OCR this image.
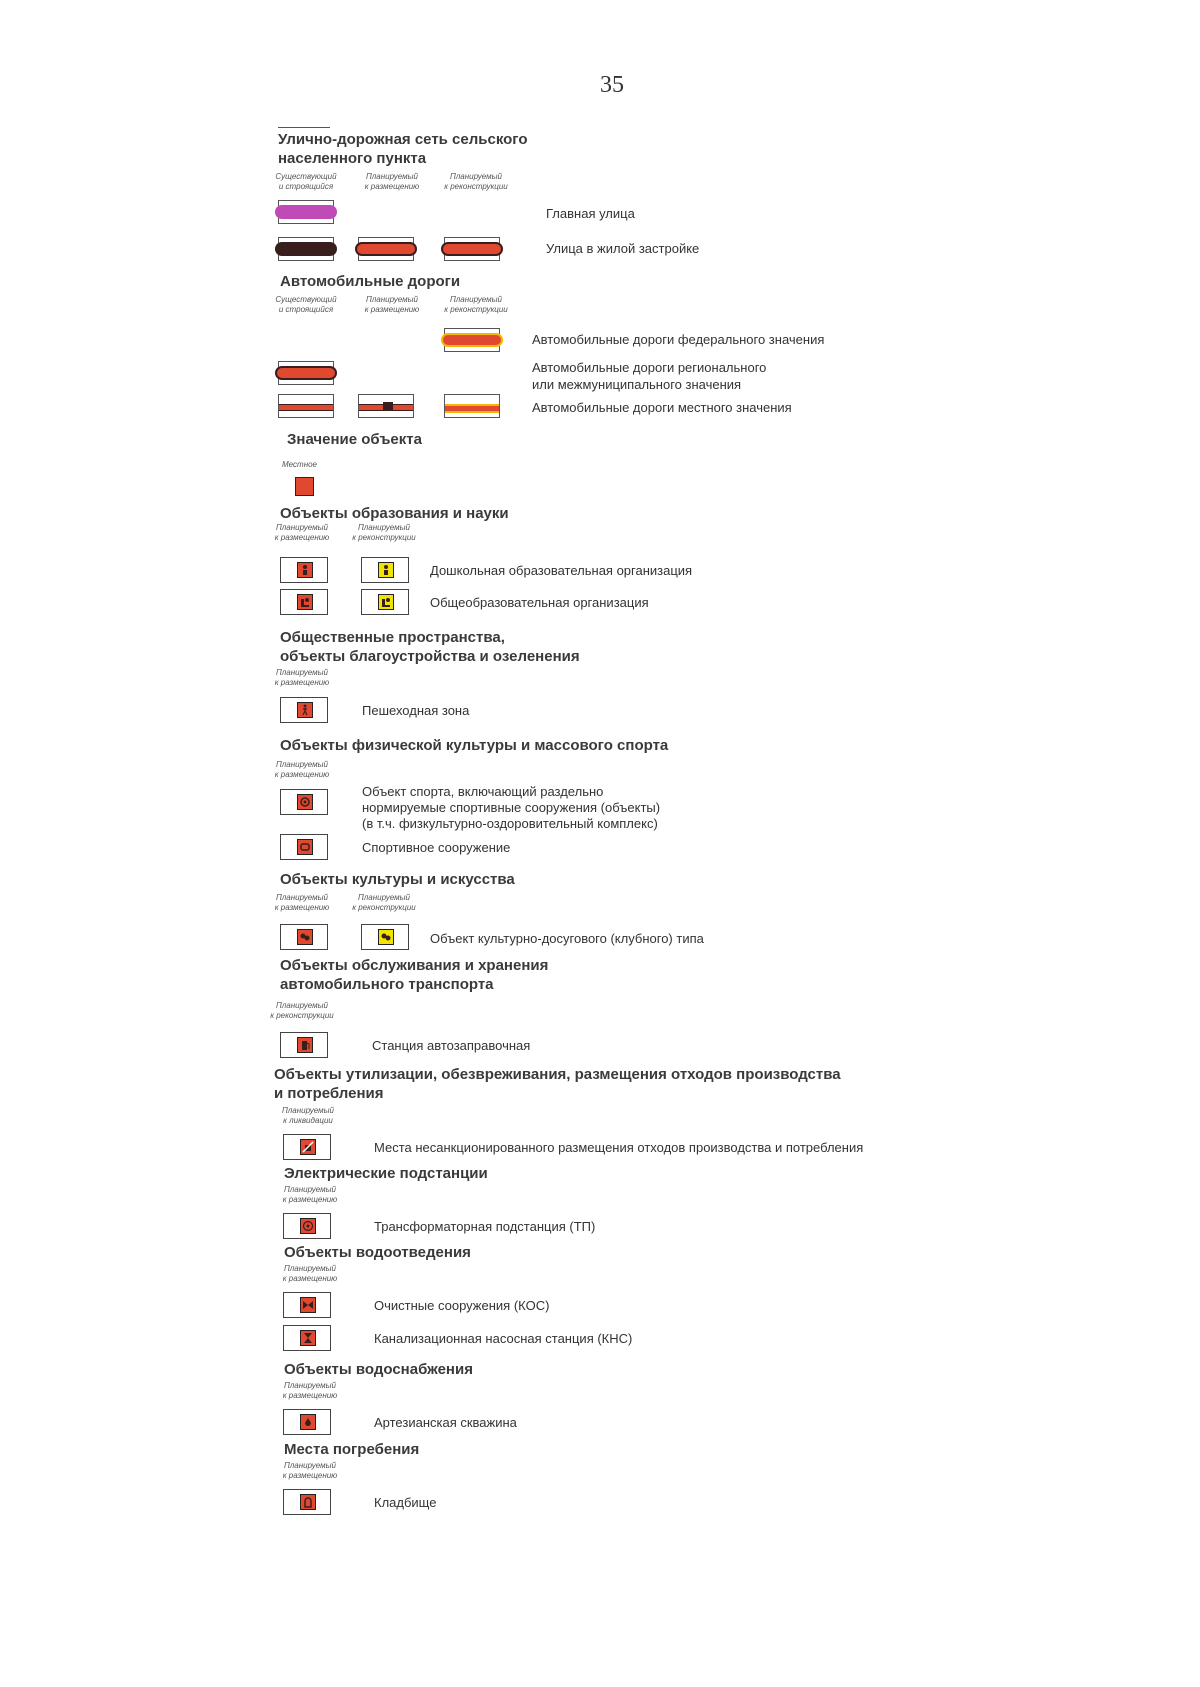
35
Улично-дорожная сеть сельского
населенного пункта
Существующий
и строящийся
Планируемый
к размещению
Планируемый
к реконструкции
Главная улица
Улица в жилой застройке
Автомобильные дороги
Существующий
и строящийся
Планируемый
к размещению
Планируемый
к реконструкции
Автомобильные дороги федерального значения
Автомобильные дороги регионального
или межмуниципального значения
Автомобильные дороги местного значения
Значение объекта
Местное
Объекты образования и науки
Планируемый
к размещению
Планируемый
к реконструкции
Дошкольная образовательная организация
Общеобразовательная организация
Общественные пространства,
объекты благоустройства и озеленения
Планируемый
к размещению
Пешеходная зона
Объекты физической культуры и массового спорта
Планируемый
к размещению
Объект спорта, включающий раздельно
нормируемые спортивные сооружения (объекты)
(в т.ч. физкультурно-оздоровительный комплекс)
Спортивное сооружение
Объекты культуры и искусства
Планируемый
к размещению
Планируемый
к реконструкции
Объект культурно-досугового (клубного) типа
Объекты обслуживания и хранения
автомобильного транспорта
Планируемый
к реконструкции
Станция автозаправочная
Объекты утилизации, обезвреживания, размещения отходов производства
и потребления
Планируемый
к ликвидации
Места несанкционированного размещения отходов производства и потребления
Электрические подстанции
Планируемый
к размещению
Трансформаторная подстанция (ТП)
Объекты водоотведения
Планируемый
к размещению
Очистные сооружения (КОС)
Канализационная насосная станция (КНС)
Объекты водоснабжения
Планируемый
к размещению
Артезианская скважина
Места погребения
Планируемый
к размещению
Кладбище
